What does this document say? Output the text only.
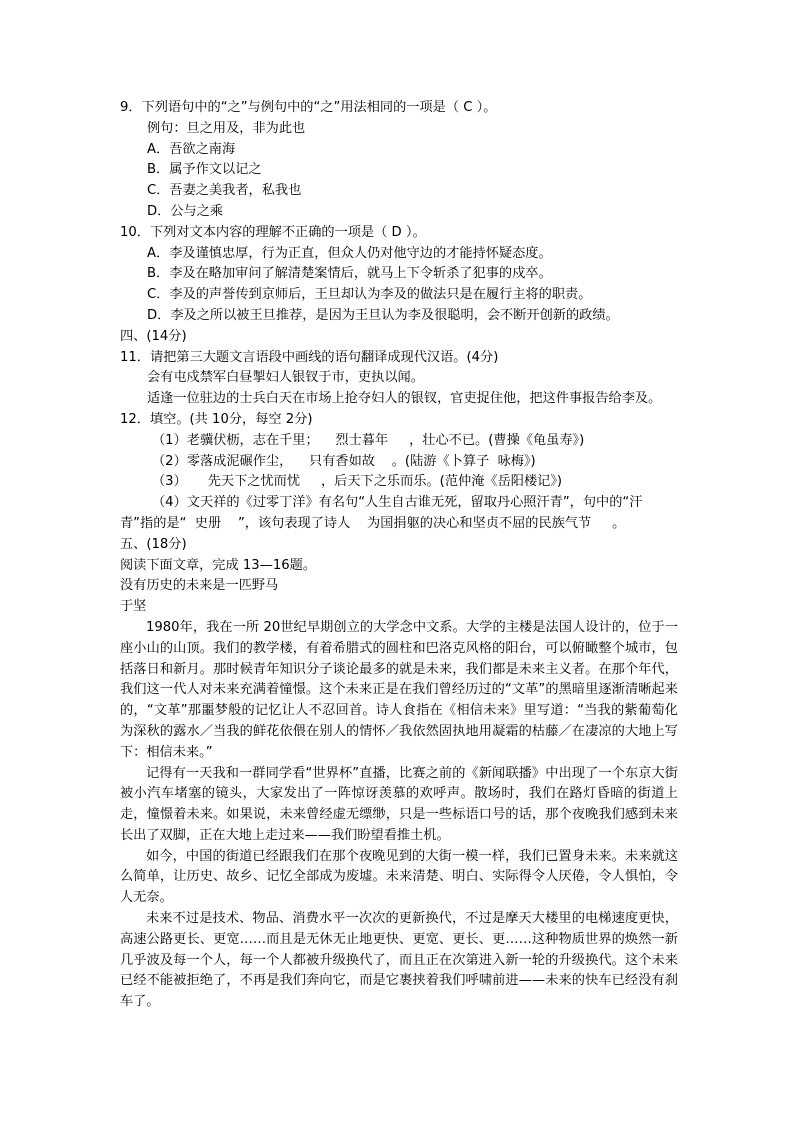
9．下列语句中的“之”与例句中的“之”用法相同的一项是（ C ）。
例句：旦之用及，非为此也
A．吾欲之南海
B．属予作文以记之
C．吾妻之美我者，私我也
D．公与之乘
10．下列对文本内容的理解不正确的一项是（ D ）。
A．李及谨慎忠厚，行为正直，但众人仍对他守边的才能持怀疑态度。
B．李及在略加审问了解清楚案情后，就马上下令斩杀了犯事的戍卒。
C．李及的声誉传到京师后，王旦却认为李及的做法只是在履行主将的职责。
D．李及之所以被王旦推荐，是因为王旦认为李及很聪明，会不断开创新的政绩。
四、(14分)
11．请把第三大题文言语段中画线的语句翻译成现代汉语。(4分)
会有屯戍禁军白昼掣妇人银钗于市，吏执以闻。
适逢一位驻边的士兵白天在市场上抢夺妇人的银钗，官吏捉住他，把这件事报告给李及。
12．填空。(共 10分，每空 2分)
（1）老骥伏枥，志在千里；    烈士暮年     ，壮心不已。(曹操《龟虽寿》)
（2）零落成泥碾作尘，    只有香如故    。(陆游《卜算子  咏梅》)
（3）     先天下之忧而忧     ，后天下之乐而乐。(范仲淹《岳阳楼记》)
（4）文天祥的《过零丁洋》有名句“人生自古谁无死，留取丹心照汗青”，句中的“汗
青”指的是“  史册    ”，该句表现了诗人    为国捐躯的决心和坚贞不屈的民族气节     。
五、(18分)
阅读下面文章，完成 13—16题。
没有历史的未来是一匹野马
于坚
1980年，我在一所 20世纪早期创立的大学念中文系。大学的主楼是法国人设计的，位于一座小山的山顶。我们的教学楼，有着希腊式的圆柱和巴洛克风格的阳台，可以俯瞰整个城市，包括落日和新月。那时候青年知识分子谈论最多的就是未来，我们都是未来主义者。在那个年代，我们这一代人对未来充满着憧憬。这个未来正是在我们曾经历过的“文革”的黑暗里逐渐清晰起来的，“文革”那噩梦般的记忆让人不忍回首。诗人食指在《相信未来》里写道：“当我的紫葡萄化为深秋的露水／当我的鲜花依偎在别人的情怀／我依然固执地用凝霜的枯藤／在凄凉的大地上写下：相信未来。”
记得有一天我和一群同学看“世界杯”直播，比赛之前的《新闻联播》中出现了一个东京大街被小汽车堵塞的镜头，大家发出了一阵惊讶羡慕的欢呼声。散场时，我们在路灯昏暗的街道上走，憧憬着未来。如果说，未来曾经虚无缥缈，只是一些标语口号的话，那个夜晚我们感到未来长出了双脚，正在大地上走过来——我们盼望看推土机。
如今，中国的街道已经跟我们在那个夜晚见到的大街一模一样，我们已置身未来。未来就这么简单，让历史、故乡、记忆全部成为废墟。未来清楚、明白、实际得令人厌倦，令人惧怕，令人无奈。
未来不过是技术、物品、消费水平一次次的更新换代，不过是摩天大楼里的电梯速度更快，高速公路更长、更宽……而且是无休无止地更快、更宽、更长、更……这种物质世界的焕然一新几乎波及每一个人，每一个人都被升级换代了，而且正在次第进入新一轮的升级换代。这个未来已经不能被拒绝了，不再是我们奔向它，而是它裹挟着我们呼啸前进——未来的快车已经没有刹车了。
